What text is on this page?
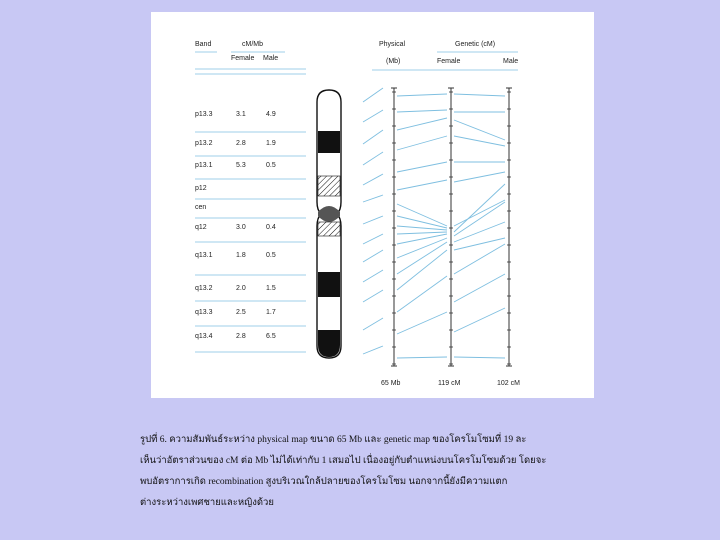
Band	cM/Mb
Female Male
p13.3	3.1	4.9
p13.2	2.8	1.9
p13.1	5.3	0.5
p12
cen
q12	3.0	0.4
q13.1	1.8	0.5
q13.2	2.0	1.5
q13.3	2.5	1.7
q13.4	2.8	6.5
Physical
(Mb)
Genetic (cM)
Female	Male
65 Mb	119 cM	102 cM
รูปที่ 6. ความสัมพันธ์ระหว่าง physical map ขนาด 65 Mb และ genetic map ของโครโมโซมที่ 19 ละ
เห็นว่าอัตราส่วนของ cM ต่อ Mb ไม่ได้เท่ากับ 1 เสมอไป เนื่องอยู่กับตำแหน่งบนโครโมโซมด้วย โดยจะ
พบอัตราการเกิด recombination สูงบริเวณใกล้ปลายของโครโมโซม นอกจากนี้ยังมีความแตก
ต่างระหว่างเพศชายและหญิงด้วย
